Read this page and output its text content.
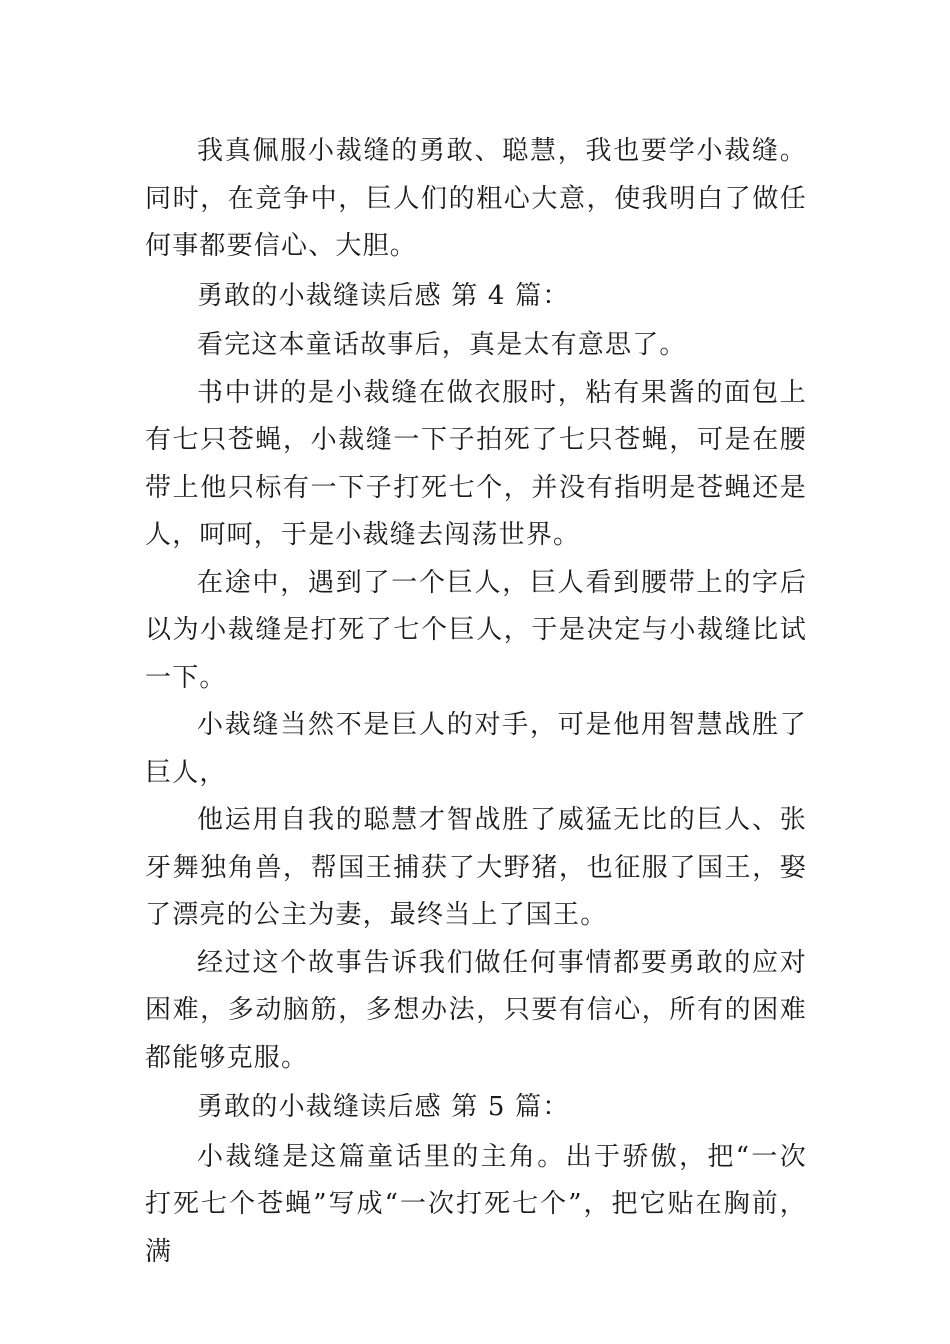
我真佩服小裁缝的勇敢、聪慧，我也要学小裁缝。同时，在竞争中，巨人们的粗心大意，使我明白了做任何事都要信心、大胆。

勇敢的小裁缝读后感 第 4 篇：

看完这本童话故事后，真是太有意思了。

书中讲的是小裁缝在做衣服时，粘有果酱的面包上有七只苍蝇，小裁缝一下子拍死了七只苍蝇，可是在腰带上他只标有一下子打死七个，并没有指明是苍蝇还是人，呵呵，于是小裁缝去闯荡世界。

在途中，遇到了一个巨人，巨人看到腰带上的字后以为小裁缝是打死了七个巨人，于是决定与小裁缝比试一下。

小裁缝当然不是巨人的对手，可是他用智慧战胜了巨人，

他运用自我的聪慧才智战胜了威猛无比的巨人、张牙舞独角兽，帮国王捕获了大野猪，也征服了国王，娶了漂亮的公主为妻，最终当上了国王。

经过这个故事告诉我们做任何事情都要勇敢的应对困难，多动脑筋，多想办法，只要有信心，所有的困难都能够克服。

勇敢的小裁缝读后感 第 5 篇：

小裁缝是这篇童话里的主角。出于骄傲，把“一次打死七个苍蝇”写成“一次打死七个”，把它贴在胸前，满
